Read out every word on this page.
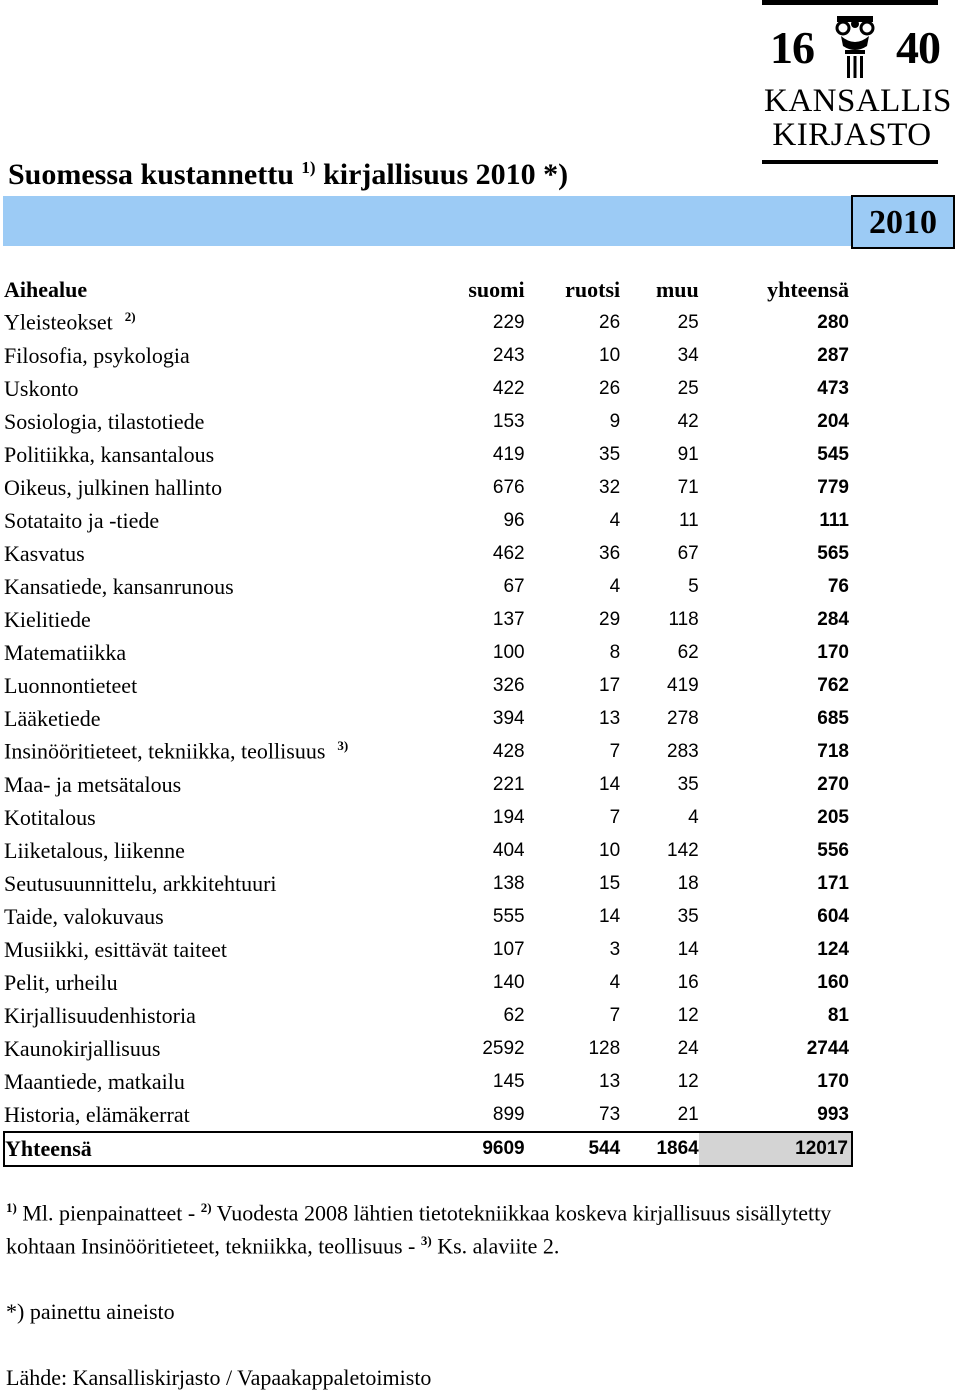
16 40
KANSALLIS
KIRJASTO
Suomessa kustannettu $^{1)}$ kirjallisuus 2010 *)
2010
Aihealue	suomi	ruotsi	muu	yhteensä
Yleisteokset $^{2)}$	229	26	25	280
Filosofia, psykologia	243	10	34	287
Uskonto	422	26	25	473
Sosiologia, tilastotiede	153	9	42	204
Politiikka, kansantalous	419	35	91	545
Oikeus, julkinen hallinto	676	32	71	779
Sotataito ja -tiede	96	4	11	111
Kasvatus	462	36	67	565
Kansatiede, kansanrunous	67	4	5	76
Kielitiede	137	29	118	284
Matematiikka	100	8	62	170
Luonnontieteet	326	17	419	762
Lääketiede	394	13	278	685
Insinööritieteet, tekniikka, teollisuus $^{3)}$	428	7	283	718
Maa- ja metsätalous	221	14	35	270
Kotitalous	194	7	4	205
Liiketalous, liikenne	404	10	142	556
Seutusuunnittelu, arkkitehtuuri	138	15	18	171
Taide, valokuvaus	555	14	35	604
Musiikki, esittävät taiteet	107	3	14	124
Pelit, urheilu	140	4	16	160
Kirjallisuudenhistoria	62	7	12	81
Kaunokirjallisuus	2592	128	24	2744
Maantiede, matkailu	145	13	12	170
Historia, elämäkerrat	899	73	21	993
Yhteensä	9609	544	1864	12017
$^{1)}$ Ml. pienpainatteet - $^{2)}$ Vuodesta 2008 lähtien tietotekniikkaa koskeva kirjallisuus sisällytetty
kohtaan Insinööritieteet, tekniikka, teollisuus - $^{3)}$ Ks. alaviite 2.
*) painettu aineisto
Lähde: Kansalliskirjasto / Vapaakappaletoimisto
